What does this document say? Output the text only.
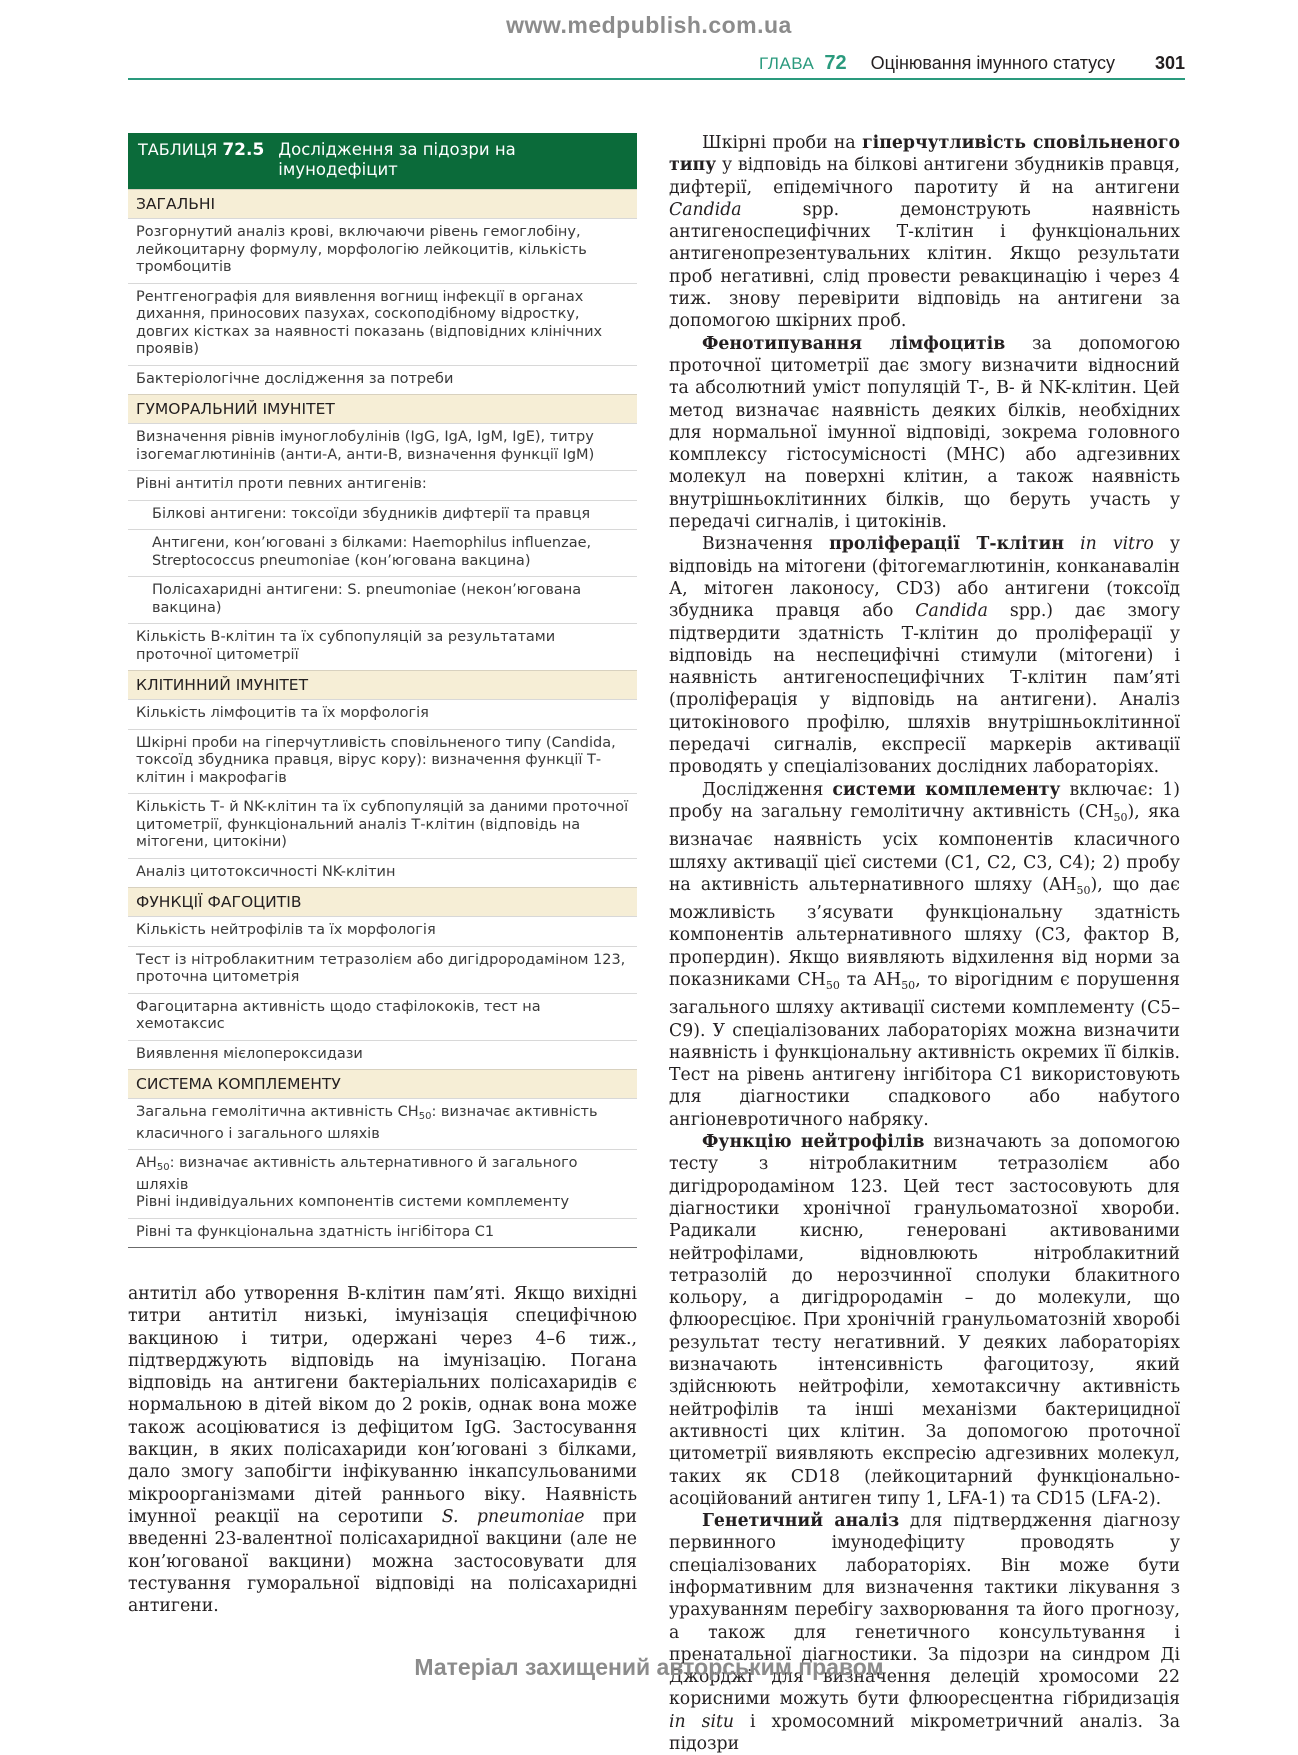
www.medpublish.com.ua
ГЛАВА 72 Оцінювання імунного статусу 301
ТАБЛИЦЯ 72.5 Дослідження за підозри на імунодефіцит
ЗАГАЛЬНІ
Розгорнутий аналіз крові, включаючи рівень гемоглобіну, лейкоцитарну формулу, морфологію лейкоцитів, кількість тромбоцитів
Рентгенографія для виявлення вогнищ інфекції в органах дихання, приносових пазухах, соскоподібному відростку, довгих кістках за наявності показань (відповідних клінічних проявів)
Бактеріологічне дослідження за потреби
ГУМОРАЛЬНИЙ ІМУНІТЕТ
Визначення рівнів імуноглобулінів (IgG, IgA, IgM, IgE), титру ізогемаглютинінів (анти-А, анти-В, визначення функції IgM)
Рівні антитіл проти певних антигенів:
Білкові антигени: токсоїди збудників дифтерії та правця
Антигени, кон’юговані з білками: Haemophilus influenzae, Streptococcus pneumoniae (кон’югована вакцина)
Полісахаридні антигени: S. pneumoniae (некон’югована вакцина)
Кількість В-клітин та їх субпопуляцій за результатами проточної цитометрії
КЛІТИННИЙ ІМУНІТЕТ
Кількість лімфоцитів та їх морфологія
Шкірні проби на гіперчутливість сповільненого типу (Candida, токсоїд збудника правця, вірус кору): визначення функції Т-клітин і макрофагів
Кількість Т- й NK-клітин та їх субпопуляцій за даними проточної цитометрії, функціональний аналіз Т-клітин (відповідь на мітогени, цитокіни)
Аналіз цитотоксичності NK-клітин
ФУНКЦІЇ ФАГОЦИТІВ
Кількість нейтрофілів та їх морфологія
Тест із нітроблакитним тетразолієм або дигідрородаміном 123, проточна цитометрія
Фагоцитарна активність щодо стафілококів, тест на хемотаксис
Виявлення мієлопероксидази
СИСТЕМА КОМПЛЕМЕНТУ
Загальна гемолітична активність $CH_{50}$: визначає активність класичного і загального шляхів
$AH_{50}$: визначає активність альтернативного й загального шляхів
Рівні індивідуальних компонентів системи комплементу
Рівні та функціональна здатність інгібітора С1

антитіл або утворення В-клітин пам’яті. Якщо вихідні титри антитіл низькі, імунізація специфічною вакциною і титри, одержані через 4–6 тиж., підтверджують відповідь на імунізацію. Погана відповідь на антигени бактеріальних полісахаридів є нормальною в дітей віком до 2 років, однак вона може також асоціюватися із дефіцитом IgG. Застосування вакцин, в яких полісахариди кон’юговані з білками, дало змогу запобігти інфікуванню інкапсульованими мікроорганізмами дітей раннього віку. Наявність імунної реакції на серотипи S. pneumoniae при введенні 23-валентної полісахаридної вакцини (але не кон’югованої вакцини) можна застосовувати для тестування гуморальної відповіді на полісахаридні антигени.

Шкірні проби на гіперчутливість сповільненого типу у відповідь на білкові антигени збудників правця, дифтерії, епідемічного паротиту й на антигени Candida spp. демонструють наявність антигеноспецифічних Т-клітин і функціональних антигенопрезентувальних клітин. Якщо результати проб негативні, слід провести ревакцинацію і через 4 тиж. знову перевірити відповідь на антигени за допомогою шкірних проб.

Фенотипування лімфоцитів за допомогою проточної цитометрії дає змогу визначити відносний та абсолютний уміст популяцій Т-, В- й NK-клітин. Цей метод визначає наявність деяких білків, необхідних для нормальної імунної відповіді, зокрема головного комплексу гістосумісності (MHC) або адгезивних молекул на поверхні клітин, а також наявність внутрішньоклітинних білків, що беруть участь у передачі сигналів, і цитокінів.

Визначення проліферації Т-клітин in vitro у відповідь на мітогени (фітогемаглютинін, конканавалін А, мітоген лаконосу, CD3) або антигени (токсоїд збудника правця або Candida spp.) дає змогу підтвердити здатність Т-клітин до проліферації у відповідь на неспецифічні стимули (мітогени) і наявність антигеноспецифічних Т-клітин пам’яті (проліферація у відповідь на антигени). Аналіз цитокінового профілю, шляхів внутрішньоклітинної передачі сигналів, експресії маркерів активації проводять у спеціалізованих дослідних лабораторіях.

Дослідження системи комплементу включає: 1) пробу на загальну гемолітичну активність $(CH_{50})$, яка визначає наявність усіх компонентів класичного шляху активації цієї системи (C1, C2, C3, C4); 2) пробу на активність альтернативного шляху $(AH_{50})$, що дає можливість з’ясувати функціональну здатність компонентів альтернативного шляху (C3, фактор B, пропердин). Якщо виявляють відхилення від норми за показниками $CH_{50}$ та $AH_{50}$, то вірогідним є порушення загального шляху активації системи комплементу (C5–C9). У спеціалізованих лабораторіях можна визначити наявність і функціональну активність окремих її білків. Тест на рівень антигену інгібітора С1 використовують для діагностики спадкового або набутого ангіоневротичного набряку.

Функцію нейтрофілів визначають за допомогою тесту з нітроблакитним тетразолієм або дигідрородаміном 123. Цей тест застосовують для діагностики хронічної гранульоматозної хвороби. Радикали кисню, генеровані активованими нейтрофілами, відновлюють нітроблакитний тетразолій до нерозчинної сполуки блакитного кольору, а дигідрородамін – до молекули, що флюоресціює. При хронічній гранульоматозній хворобі результат тесту негативний. У деяких лабораторіях визначають інтенсивність фагоцитозу, який здійснюють нейтрофіли, хемотаксичну активність нейтрофілів та інші механізми бактерицидної активності цих клітин. За допомогою проточної цитометрії виявляють експресію адгезивних молекул, таких як CD18 (лейкоцитарний функціонально-асоційований антиген типу 1, LFA-1) та CD15 (LFA-2).

Генетичний аналіз для підтвердження діагнозу первинного імунодефіциту проводять у спеціалізованих лабораторіях. Він може бути інформативним для визначення тактики лікування з урахуванням перебігу захворювання та його прогнозу, а також для генетичного консультування і пренатальної діагностики. За підозри на синдром Ді Джорджі для визначення делецій хромосоми 22 корисними можуть бути флюоресцентна гібридизація in situ і хромосомний мікрометричний аналіз. За підозри

Матеріал захищений авторським правом
